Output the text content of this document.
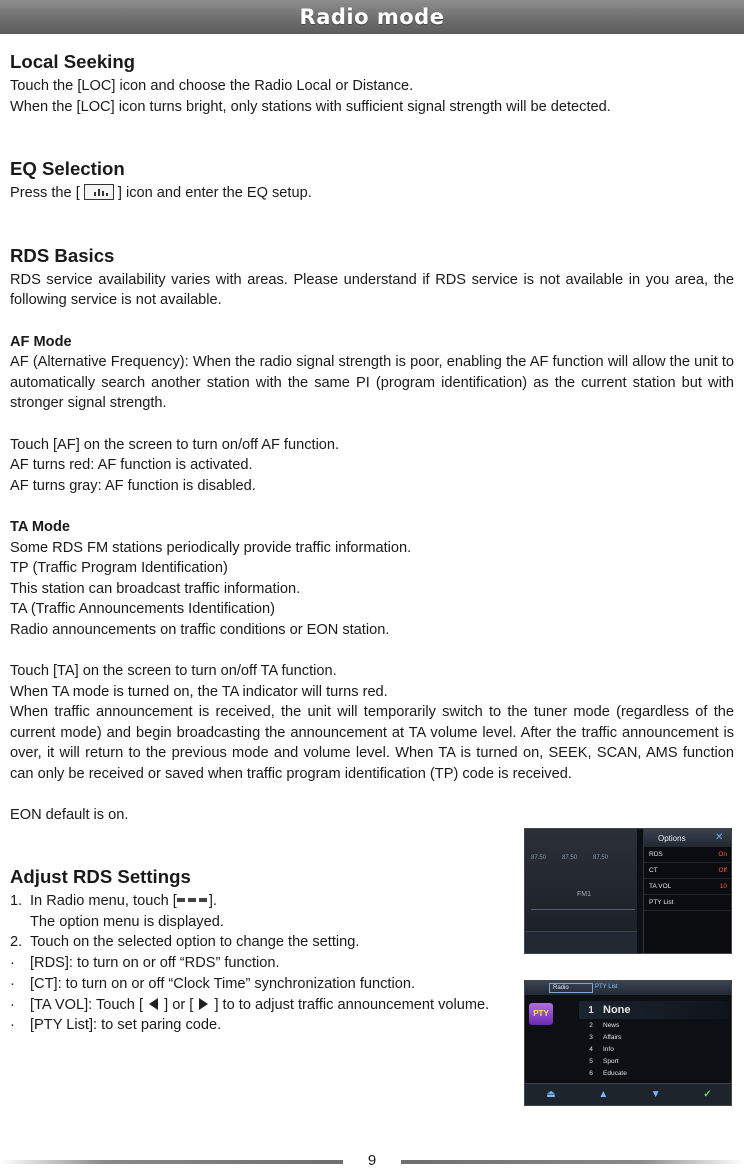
Radio mode
Local Seeking
Touch the [LOC] icon and choose the Radio Local or Distance.
When the [LOC] icon turns bright, only stations with sufficient signal strength will be detected.
EQ Selection
Press the [
] icon and enter the EQ setup.
RDS Basics
RDS service availability varies with areas. Please understand if RDS service is not available in you area, the following service is not available.
AF Mode
AF (Alternative Frequency): When the radio signal strength is poor, enabling the AF function will allow the unit to automatically search another station with the same PI (program identification) as the current station but with stronger signal strength.
Touch [AF] on the screen to turn on/off AF function.
AF turns red: AF function is activated.
AF turns gray: AF function is disabled.
TA Mode
Some RDS FM stations periodically provide traffic information.
TP (Traffic Program Identification)
This station can broadcast traffic information.
TA (Traffic Announcements Identification)
Radio announcements on traffic conditions or EON station.
Touch [TA] on the screen to turn on/off TA function.
When TA mode is turned on, the TA indicator will turns red.
When traffic announcement is received, the unit will temporarily switch to the tuner mode (regardless of the current mode) and begin broadcasting the announcement at TA volume level. After the traffic announcement is over, it will return to the previous mode and volume level. When TA is turned on, SEEK, SCAN, AMS function can only be received or saved when traffic program identification (TP) code is received.
EON default is on.
Adjust RDS Settings
1. In Radio menu, touch [ ].
The option menu is displayed.
2. Touch on the selected option to change the setting.
·	[RDS]: to turn on or off “RDS” function.
·	[CT]: to turn on or off “Clock Time” synchronization function.
·	[TA VOL]: Touch [  ] or [  ] to to adjust traffic announcement volume.
·	[PTY List]: to set paring code.
87.50	87.50	87.50
FM1
Options	✕
RDS	On
CT	Off
TA VOL	10
PTY List
Radio	PTY List
PTY	1 None
2	News
3	Affairs
4	Info
5	Sport
6	Educate
⏏	▲	▼	✓
9
